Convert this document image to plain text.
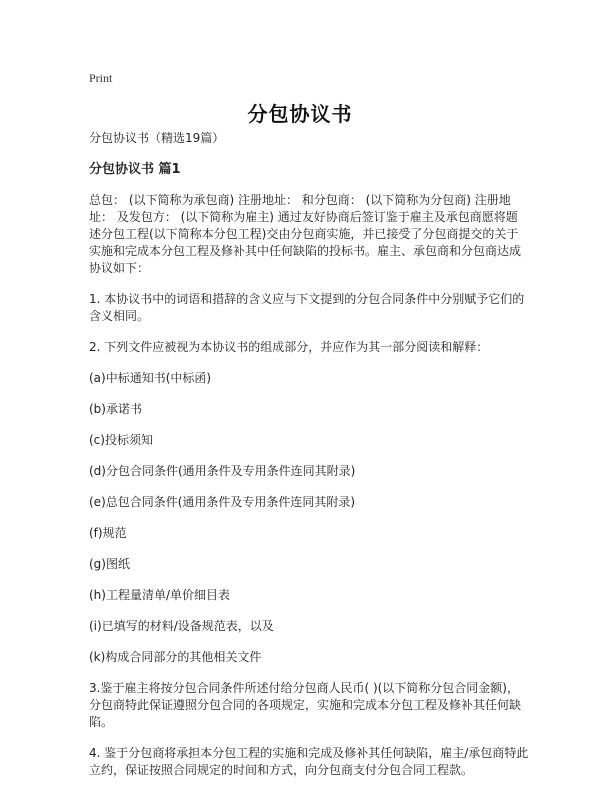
Print
分包协议书

分包协议书（精选19篇）

分包协议书 篇1

总包： (以下简称为承包商) 注册地址： 和分包商： (以下简称为分包商) 注册地址： 及发包方： (以下简称为雇主) 通过友好协商后签订鉴于雇主及承包商愿将题述分包工程(以下简称本分包工程)交由分包商实施，并已接受了分包商提交的关于实施和完成本分包工程及修补其中任何缺陷的投标书。雇主、承包商和分包商达成协议如下：

1. 本协议书中的词语和措辞的含义应与下文提到的分包合同条件中分别赋予它们的含义相同。

2. 下列文件应被视为本协议书的组成部分，并应作为其一部分阅读和解释：

(a)中标通知书(中标函)

(b)承诺书

(c)投标须知

(d)分包合同条件(通用条件及专用条件连同其附录)

(e)总包合同条件(通用条件及专用条件连同其附录)

(f)规范

(g)图纸

(h)工程量清单/单价细目表

(i)已填写的材料/设备规范表，以及

(k)构成合同部分的其他相关文件

3.鉴于雇主将按分包合同条件所述付给分包商人民币( )(以下简称分包合同金额)，分包商特此保证遵照分包合同的各项规定，实施和完成本分包工程及修补其任何缺陷。

4. 鉴于分包商将承担本分包工程的实施和完成及修补其任何缺陷，雇主/承包商特此立约，保证按照合同规定的时间和方式，向分包商支付分包合同工程款。
